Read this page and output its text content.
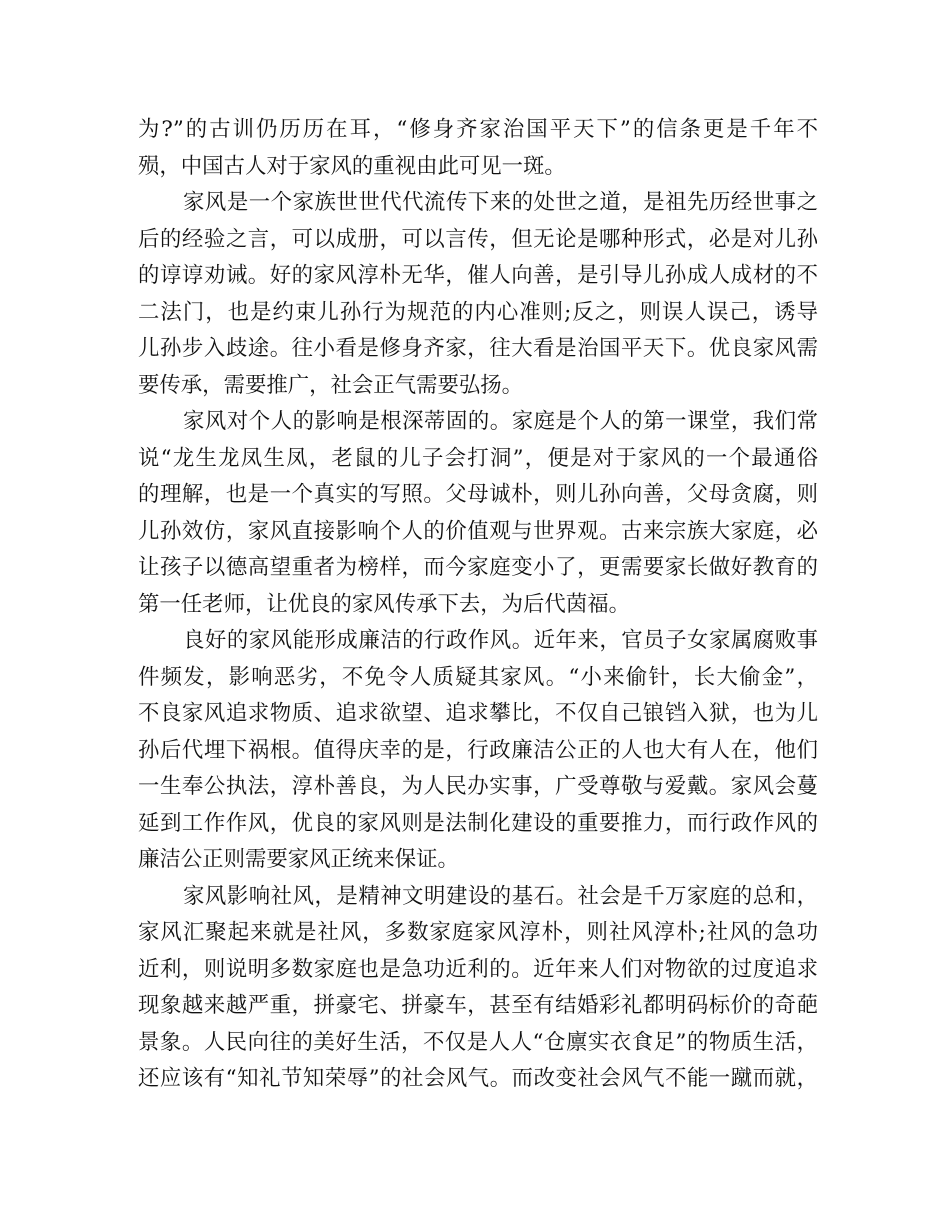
为?”的古训仍历历在耳，“修身齐家治国平天下”的信条更是千年不
殒，中国古人对于家风的重视由此可见一斑。
家风是一个家族世世代代流传下来的处世之道，是祖先历经世事之
后的经验之言，可以成册，可以言传，但无论是哪种形式，必是对儿孙
的谆谆劝诫。好的家风淳朴无华，催人向善，是引导儿孙成人成材的不
二法门，也是约束儿孙行为规范的内心准则;反之，则误人误己，诱导
儿孙步入歧途。往小看是修身齐家，往大看是治国平天下。优良家风需
要传承，需要推广，社会正气需要弘扬。
家风对个人的影响是根深蒂固的。家庭是个人的第一课堂，我们常
说“龙生龙凤生凤，老鼠的儿子会打洞”，便是对于家风的一个最通俗
的理解，也是一个真实的写照。父母诚朴，则儿孙向善，父母贪腐，则
儿孙效仿，家风直接影响个人的价值观与世界观。古来宗族大家庭，必
让孩子以德高望重者为榜样，而今家庭变小了，更需要家长做好教育的
第一任老师，让优良的家风传承下去，为后代茵福。
良好的家风能形成廉洁的行政作风。近年来，官员子女家属腐败事
件频发，影响恶劣，不免令人质疑其家风。“小来偷针，长大偷金”，
不良家风追求物质、追求欲望、追求攀比，不仅自己锒铛入狱，也为儿
孙后代埋下祸根。值得庆幸的是，行政廉洁公正的人也大有人在，他们
一生奉公执法，淳朴善良，为人民办实事，广受尊敬与爱戴。家风会蔓
延到工作作风，优良的家风则是法制化建设的重要推力，而行政作风的
廉洁公正则需要家风正统来保证。
家风影响社风，是精神文明建设的基石。社会是千万家庭的总和，
家风汇聚起来就是社风，多数家庭家风淳朴，则社风淳朴;社风的急功
近利，则说明多数家庭也是急功近利的。近年来人们对物欲的过度追求
现象越来越严重，拼豪宅、拼豪车，甚至有结婚彩礼都明码标价的奇葩
景象。人民向往的美好生活，不仅是人人“仓廪实衣食足”的物质生活，
还应该有“知礼节知荣辱”的社会风气。而改变社会风气不能一蹴而就，
